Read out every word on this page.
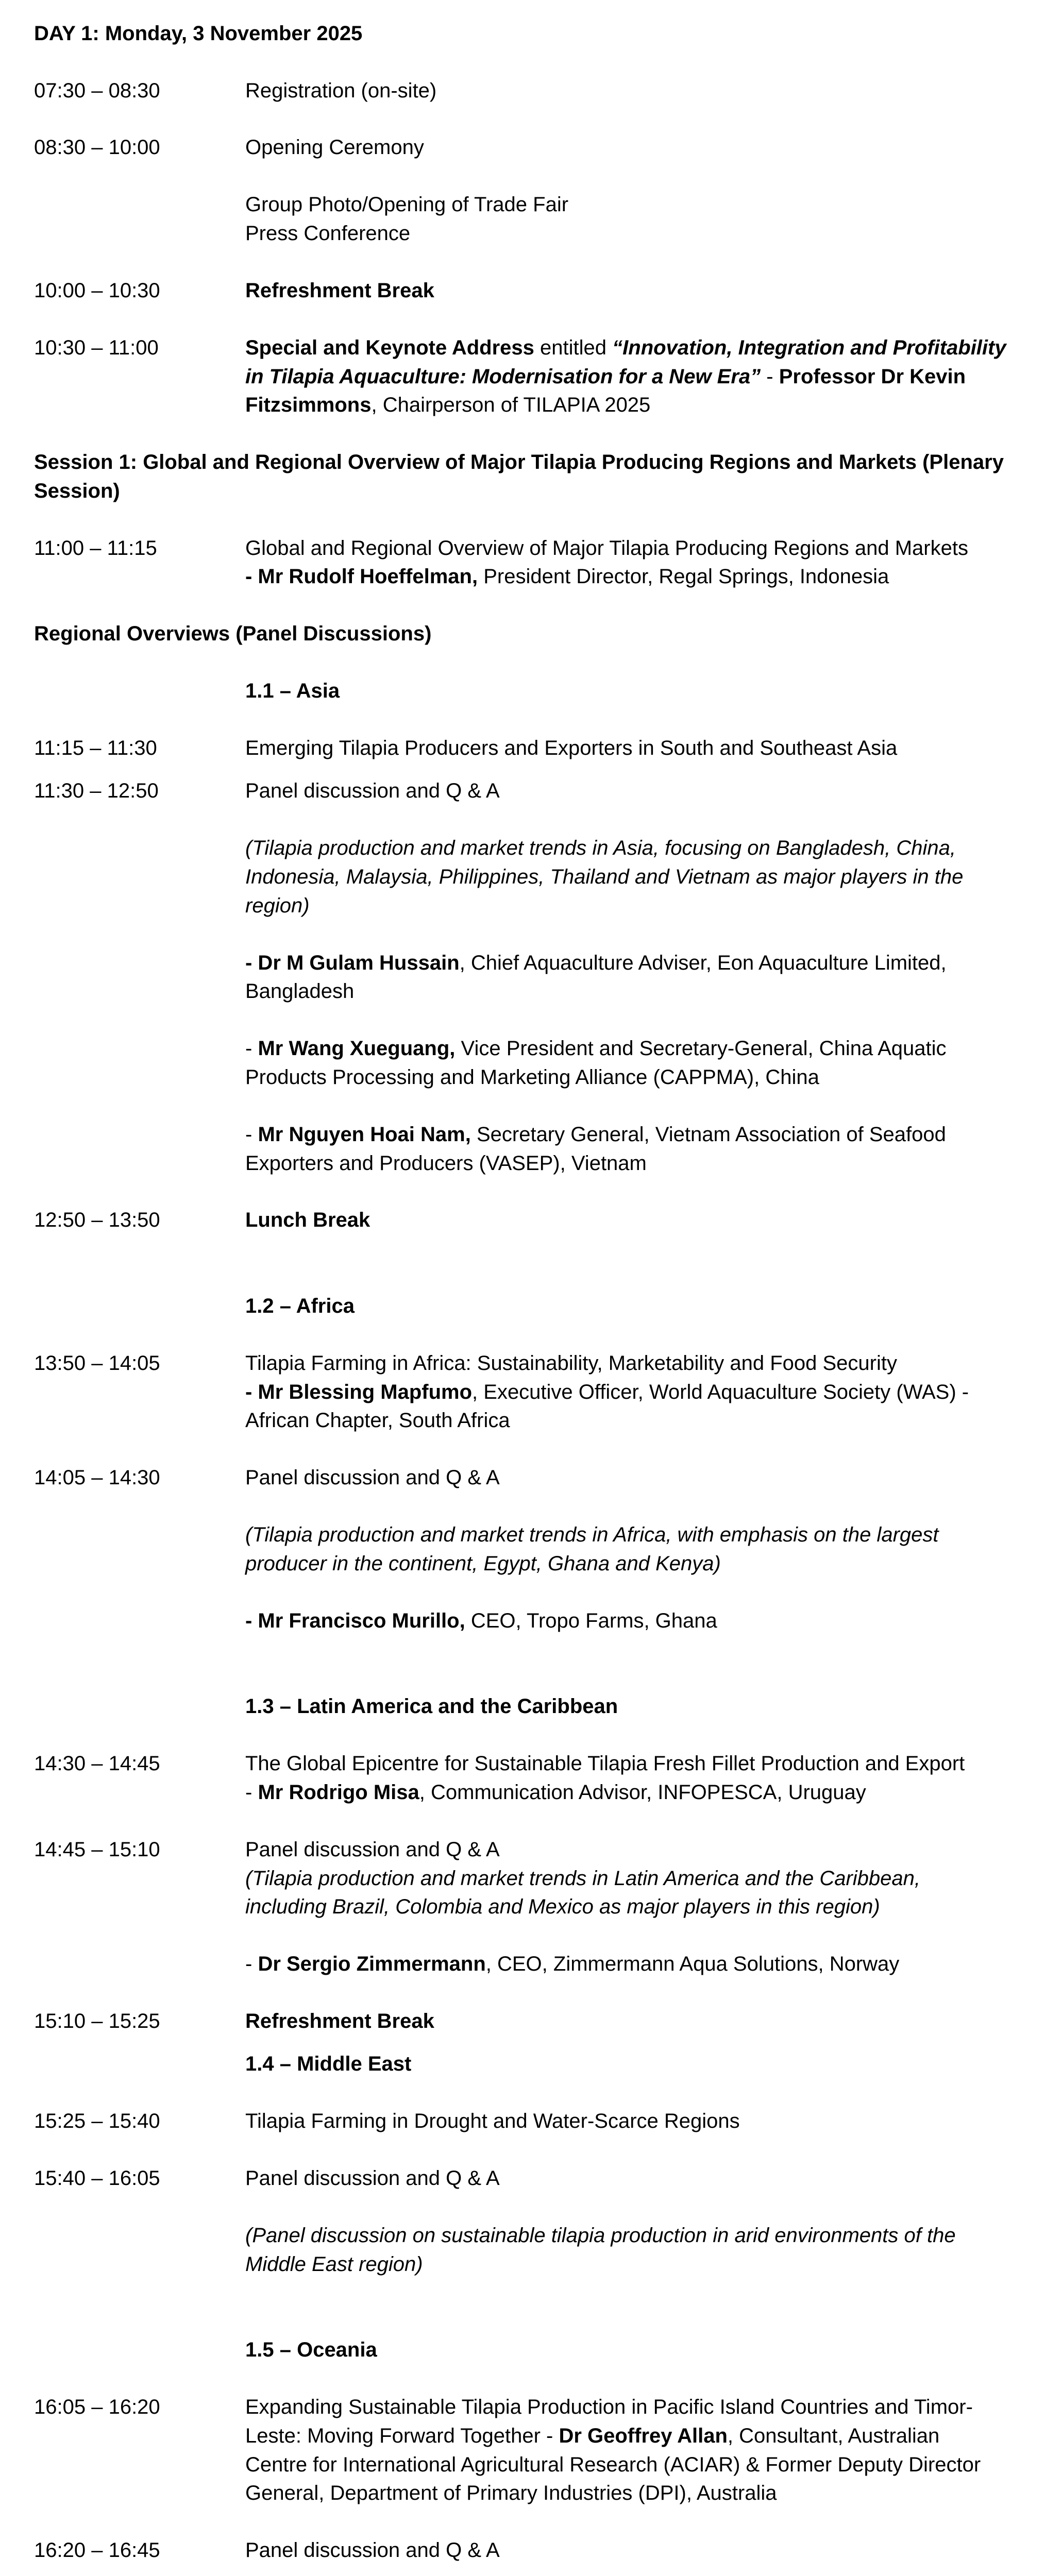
DAY 1: Monday, 3 November 2025
07:30 – 08:30	Registration (on-site)
08:30 – 10:00	Opening Ceremony
Group Photo/Opening of Trade Fair
Press Conference
10:00 – 10:30	Refreshment Break
10:30 – 11:00	Special and Keynote Address entitled “Innovation, Integration and Profitability
in Tilapia Aquaculture: Modernisation for a New Era” - Professor Dr Kevin
Fitzsimmons, Chairperson of TILAPIA 2025
Session 1: Global and Regional Overview of Major Tilapia Producing Regions and Markets (Plenary
Session)
11:00 – 11:15	Global and Regional Overview of Major Tilapia Producing Regions and Markets
- Mr Rudolf Hoeffelman, President Director, Regal Springs, Indonesia
Regional Overviews (Panel Discussions)
1.1 – Asia
11:15 – 11:30	Emerging Tilapia Producers and Exporters in South and Southeast Asia
11:30 – 12:50	Panel discussion and Q & A
(Tilapia production and market trends in Asia, focusing on Bangladesh, China,
Indonesia, Malaysia, Philippines, Thailand and Vietnam as major players in the
region)
- Dr M Gulam Hussain, Chief Aquaculture Adviser, Eon Aquaculture Limited,
Bangladesh
- Mr Wang Xueguang, Vice President and Secretary-General, China Aquatic
Products Processing and Marketing Alliance (CAPPMA), China
- Mr Nguyen Hoai Nam, Secretary General, Vietnam Association of Seafood
Exporters and Producers (VASEP), Vietnam
12:50 – 13:50	Lunch Break
1.2 – Africa
13:50 – 14:05	Tilapia Farming in Africa: Sustainability, Marketability and Food Security
- Mr Blessing Mapfumo, Executive Officer, World Aquaculture Society (WAS) -
African Chapter, South Africa
14:05 – 14:30	Panel discussion and Q & A
(Tilapia production and market trends in Africa, with emphasis on the largest
producer in the continent, Egypt, Ghana and Kenya)
- Mr Francisco Murillo, CEO, Tropo Farms, Ghana
1.3 – Latin America and the Caribbean
14:30 – 14:45	The Global Epicentre for Sustainable Tilapia Fresh Fillet Production and Export
- Mr Rodrigo Misa, Communication Advisor, INFOPESCA, Uruguay
14:45 – 15:10	Panel discussion and Q & A
(Tilapia production and market trends in Latin America and the Caribbean,
including Brazil, Colombia and Mexico as major players in this region)
- Dr Sergio Zimmermann, CEO, Zimmermann Aqua Solutions, Norway
15:10 – 15:25	Refreshment Break
1.4 – Middle East
15:25 – 15:40	Tilapia Farming in Drought and Water-Scarce Regions
15:40 – 16:05	Panel discussion and Q & A
(Panel discussion on sustainable tilapia production in arid environments of the
Middle East region)
1.5 – Oceania
16:05 – 16:20	Expanding Sustainable Tilapia Production in Pacific Island Countries and Timor-
Leste: Moving Forward Together - Dr Geoffrey Allan, Consultant, Australian
Centre for International Agricultural Research (ACIAR) & Former Deputy Director
General, Department of Primary Industries (DPI), Australia
16:20 – 16:45	Panel discussion and Q & A
